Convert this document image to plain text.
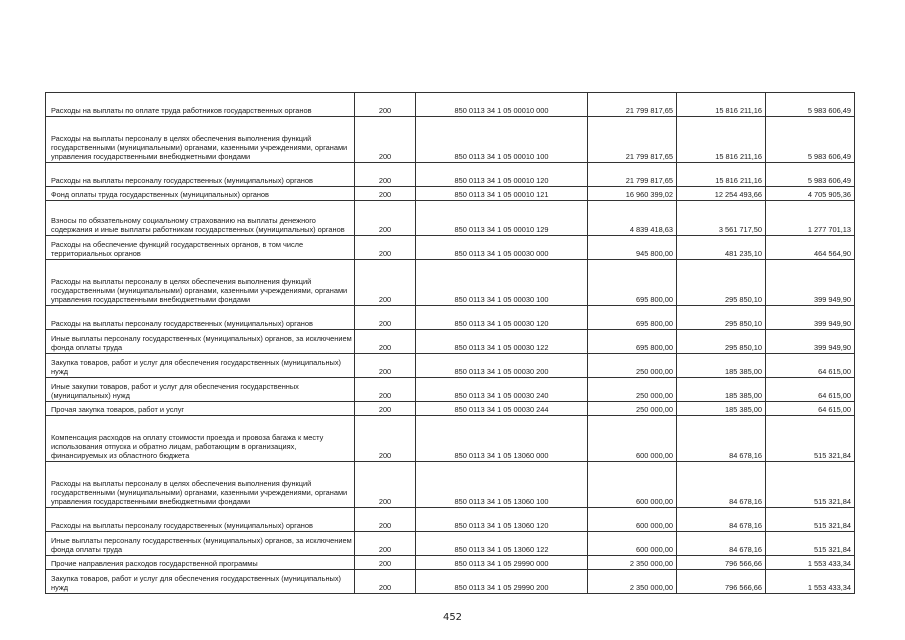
Расходы на выплаты по оплате труда работников государственных органов	200	850 0113 34 1 05 00010 000	21 799 817,65	15 816 211,16	5 983 606,49
Расходы на выплаты персоналу в целях обеспечения выполнения функций государственными (муниципальными) органами, казенными учреждениями, органами управления государственными внебюджетными фондами	200	850 0113 34 1 05 00010 100	21 799 817,65	15 816 211,16	5 983 606,49
Расходы на выплаты персоналу государственных (муниципальных) органов	200	850 0113 34 1 05 00010 120	21 799 817,65	15 816 211,16	5 983 606,49
Фонд оплаты труда государственных (муниципальных) органов	200	850 0113 34 1 05 00010 121	16 960 399,02	12 254 493,66	4 705 905,36
Взносы по обязательному социальному страхованию на выплаты денежного содержания и иные выплаты работникам государственных (муниципальных) органов	200	850 0113 34 1 05 00010 129	4 839 418,63	3 561 717,50	1 277 701,13
Расходы на обеспечение функций государственных органов, в том числе территориальных органов	200	850 0113 34 1 05 00030 000	945 800,00	481 235,10	464 564,90
Расходы на выплаты персоналу в целях обеспечения выполнения функций государственными (муниципальными) органами, казенными учреждениями, органами управления государственными внебюджетными фондами	200	850 0113 34 1 05 00030 100	695 800,00	295 850,10	399 949,90
Расходы на выплаты персоналу государственных (муниципальных) органов	200	850 0113 34 1 05 00030 120	695 800,00	295 850,10	399 949,90
Иные выплаты персоналу государственных (муниципальных) органов, за исключением фонда оплаты труда	200	850 0113 34 1 05 00030 122	695 800,00	295 850,10	399 949,90
Закупка товаров, работ и услуг для обеспечения государственных (муниципальных) нужд	200	850 0113 34 1 05 00030 200	250 000,00	185 385,00	64 615,00
Иные закупки товаров, работ и услуг для обеспечения государственных (муниципальных) нужд	200	850 0113 34 1 05 00030 240	250 000,00	185 385,00	64 615,00
Прочая закупка товаров, работ и услуг	200	850 0113 34 1 05 00030 244	250 000,00	185 385,00	64 615,00
Компенсация расходов на оплату стоимости проезда и провоза багажа к месту использования отпуска и обратно лицам, работающим в организациях, финансируемых из областного бюджета	200	850 0113 34 1 05 13060 000	600 000,00	84 678,16	515 321,84
Расходы на выплаты персоналу в целях обеспечения выполнения функций государственными (муниципальными) органами, казенными учреждениями, органами управления государственными внебюджетными фондами	200	850 0113 34 1 05 13060 100	600 000,00	84 678,16	515 321,84
Расходы на выплаты персоналу государственных (муниципальных) органов	200	850 0113 34 1 05 13060 120	600 000,00	84 678,16	515 321,84
Иные выплаты персоналу государственных (муниципальных) органов, за исключением фонда оплаты труда	200	850 0113 34 1 05 13060 122	600 000,00	84 678,16	515 321,84
Прочие направления расходов государственной программы	200	850 0113 34 1 05 29990 000	2 350 000,00	796 566,66	1 553 433,34
Закупка товаров, работ и услуг для обеспечения государственных (муниципальных) нужд	200	850 0113 34 1 05 29990 200	2 350 000,00	796 566,66	1 553 433,34
452
